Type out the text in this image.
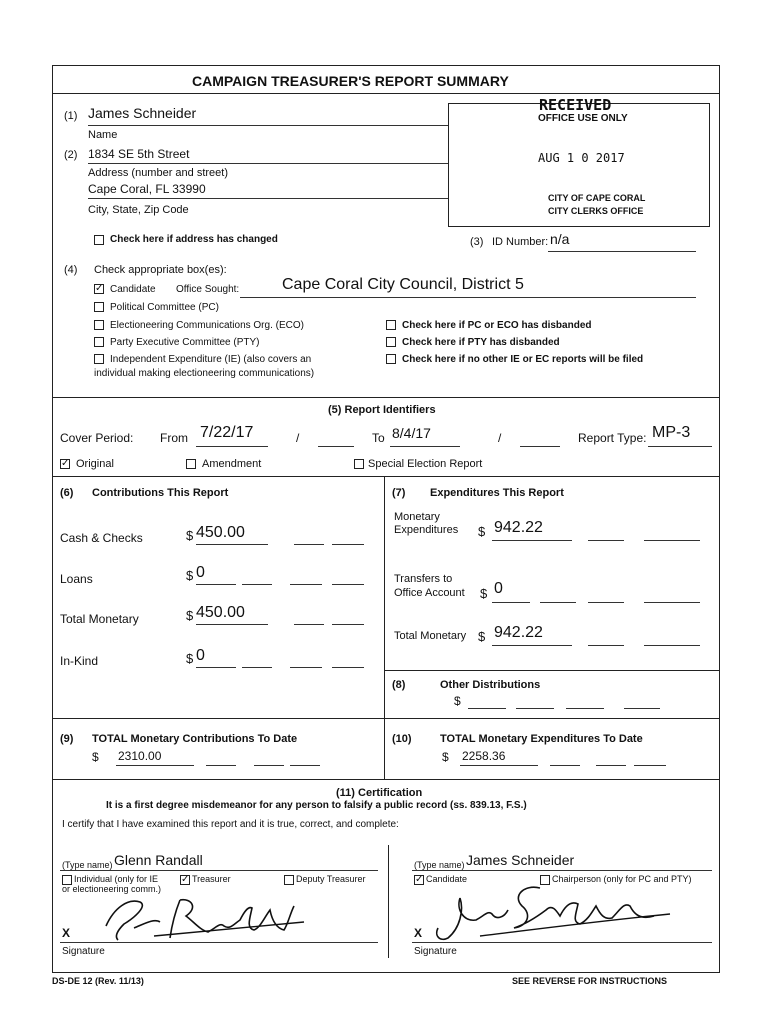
CAMPAIGN TREASURER'S REPORT SUMMARY
(1) James Schneider
Name
(2) 1834 SE 5th Street
Address (number and street)
Cape Coral, FL 33990
City, State, Zip Code
Check here if address has changed
RECEIVED
OFFICE USE ONLY
AUG 1 0 2017
CITY OF CAPE CORAL
CITY CLERKS OFFICE
(3) ID Number: n/a
(4) Check appropriate box(es):
✓ Candidate Office Sought:	Cape Coral City Council, District 5
Political Committee (PC)
Electioneering Communications Org. (ECO)
Party Executive Committee (PTY)
Independent Expenditure (IE) (also covers an
individual making electioneering communications)
Check here if PC or ECO has disbanded
Check here if PTY has disbanded
Check here if no other IE or EC reports will be filed
(5) Report Identifiers
Cover Period: From 7/22/17	/	To 8/4/17	/	Report Type: MP-3
✓ Original	Amendment	Special Election Report
(6) Contributions This Report
Cash & Checks	$ 450.00
Loans	$ 0
Total Monetary	$ 450.00
In-Kind	$ 0
(7) Expenditures This Report
Monetary
Expenditures $ 942.22
Transfers to
Office Account $ 0
Total Monetary $ 942.22
(8)	Other Distributions
$
(9) TOTAL Monetary Contributions To Date
$ 2310.00
(10)	TOTAL Monetary Expenditures To Date
$ 2258.36
(11) Certification
It is a first degree misdemeanor for any person to falsify a public record (ss. 839.13, F.S.)
I certify that I have examined this report and it is true, correct, and complete:
(Type name) Glenn Randall
Individual (only for IE
or electioneering comm.)
✓ Treasurer	Deputy Treasurer
X
Signature
(Type name) James Schneider
✓ Candidate	Chairperson (only for PC and PTY)
X
Signature
DS-DE 12 (Rev. 11/13)	SEE REVERSE FOR INSTRUCTIONS
